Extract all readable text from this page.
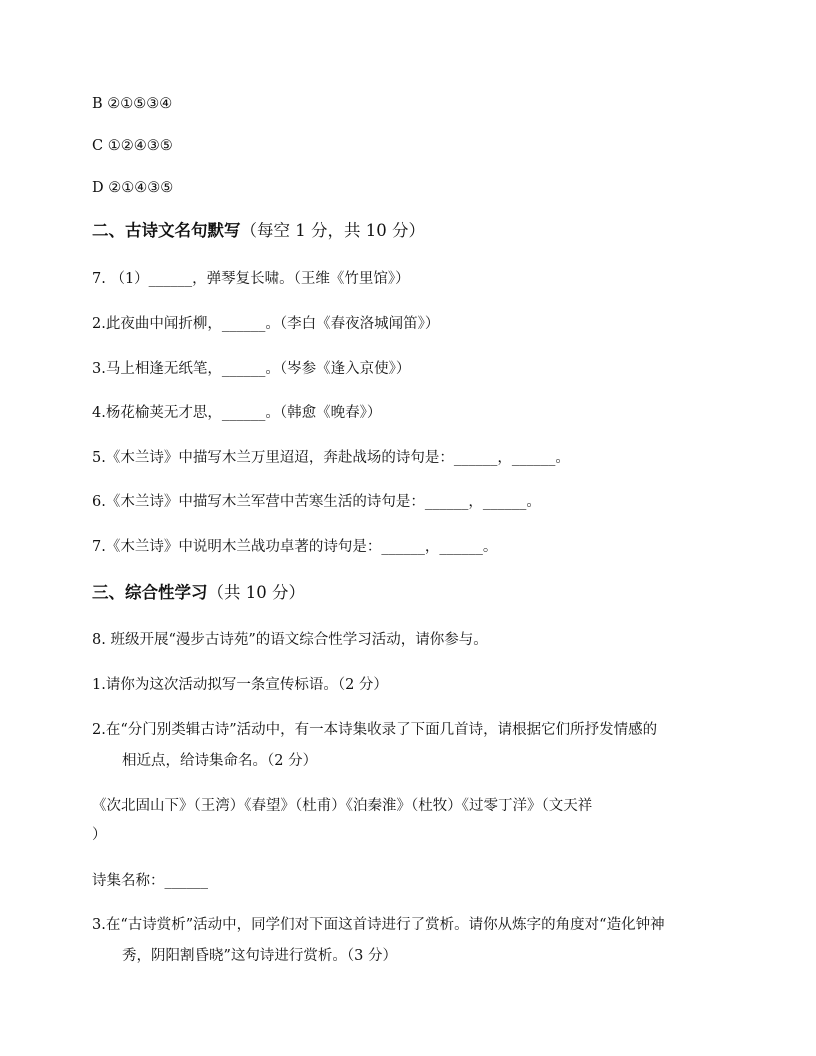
B ②①⑤③④
C ①②④③⑤
D ②①④③⑤
二、古诗文名句默写（每空 1 分，共 10 分）
7. （1）______，弹琴复长啸。（王维《竹里馆》）
2.此夜曲中闻折柳，______。（李白《春夜洛城闻笛》）
3.马上相逢无纸笔，______。（岑参《逢入京使》）
4.杨花榆荚无才思，______。（韩愈《晚春》）
5.《木兰诗》中描写木兰万里迢迢，奔赴战场的诗句是：______，______。
6.《木兰诗》中描写木兰军营中苦寒生活的诗句是：______，______。
7.《木兰诗》中说明木兰战功卓著的诗句是：______，______。
三、综合性学习（共 10 分）
8. 班级开展“漫步古诗苑”的语文综合性学习活动，请你参与。
1.请你为这次活动拟写一条宣传标语。（2 分）
2.在“分门别类辑古诗”活动中，有一本诗集收录了下面几首诗，请根据它们所抒发情感的
相近点，给诗集命名。（2 分）
《次北固山下》（王湾）《春望》（杜甫）《泊秦淮》（杜牧）《过零丁洋》（文天祥
）
诗集名称：______
3.在“古诗赏析”活动中，同学们对下面这首诗进行了赏析。请你从炼字的角度对“造化钟神
秀，阴阳割昏晓”这句诗进行赏析。（3 分）
